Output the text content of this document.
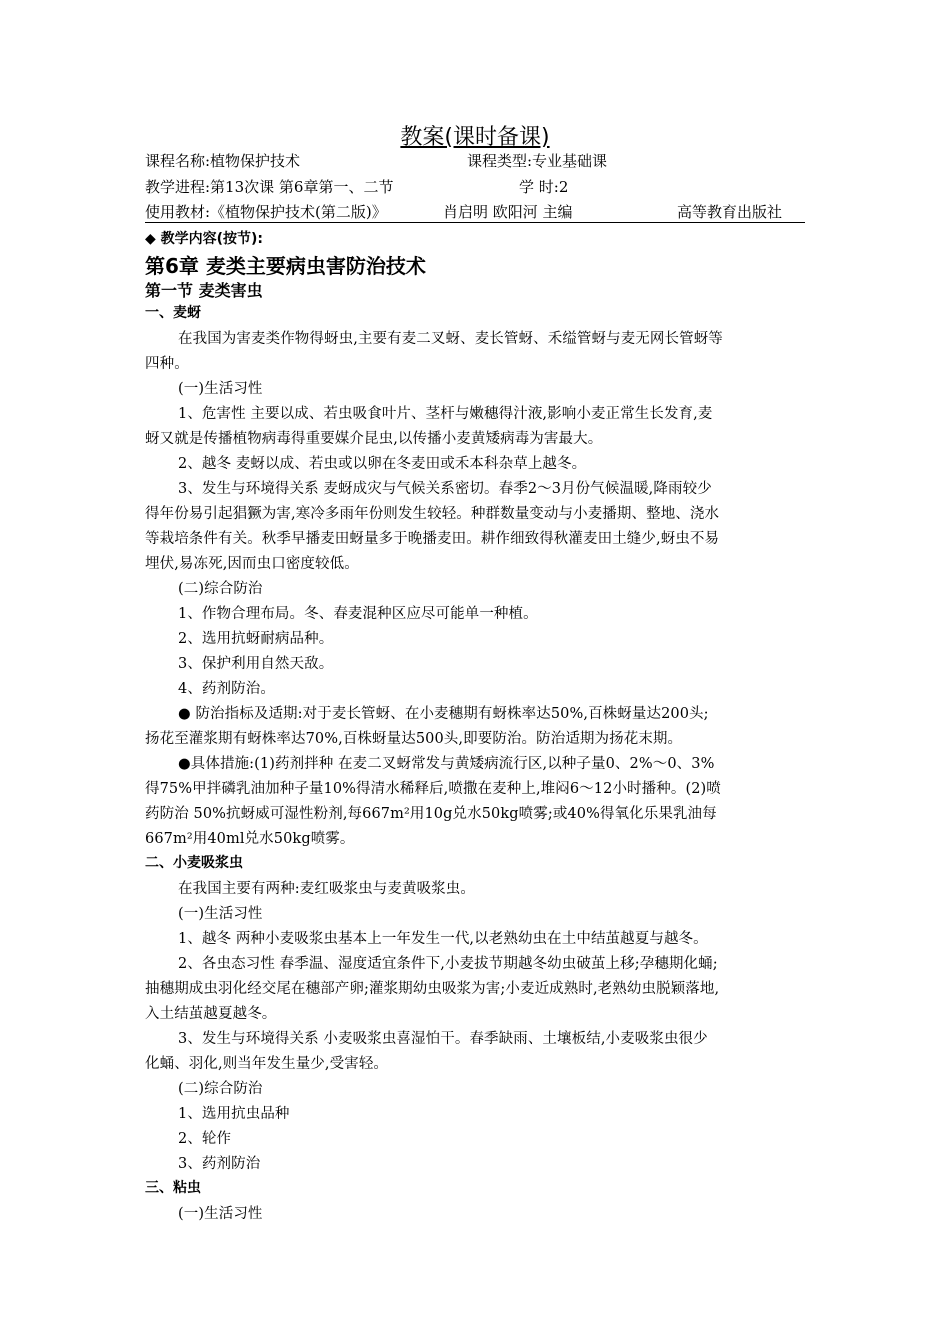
教案(课时备课)
课程名称:植物保护技术	课程类型:专业基础课
教学进程:第13次课 第6章第一、二节	学 时:2
使用教材:《植物保护技术(第二版)》	肖启明 欧阳河 主编	高等教育出版社
◆ 教学内容(按节):
第6章 麦类主要病虫害防治技术
第一节 麦类害虫
一、麦蚜
在我国为害麦类作物得蚜虫,主要有麦二叉蚜、麦长管蚜、禾缢管蚜与麦无网长管蚜等
四种。
(一)生活习性
1、危害性 主要以成、若虫吸食叶片、茎杆与嫩穗得汁液,影响小麦正常生长发育,麦
蚜又就是传播植物病毒得重要媒介昆虫,以传播小麦黄矮病毒为害最大。
2、越冬 麦蚜以成、若虫或以卵在冬麦田或禾本科杂草上越冬。
3、发生与环境得关系 麦蚜成灾与气候关系密切。春季2～3月份气候温暖,降雨较少
得年份易引起猖獗为害,寒冷多雨年份则发生较轻。种群数量变动与小麦播期、整地、浇水
等栽培条件有关。秋季早播麦田蚜量多于晚播麦田。耕作细致得秋灌麦田土缝少,蚜虫不易
埋伏,易冻死,因而虫口密度较低。
(二)综合防治
1、作物合理布局。冬、春麦混种区应尽可能单一种植。
2、选用抗蚜耐病品种。
3、保护利用自然天敌。
4、药剂防治。
● 防治指标及适期:对于麦长管蚜、在小麦穗期有蚜株率达50%,百株蚜量达200头;
扬花至灌浆期有蚜株率达70%,百株蚜量达500头,即要防治。防治适期为扬花末期。
●具体措施:(1)药剂拌种 在麦二叉蚜常发与黄矮病流行区,以种子量0、2%～0、3%
得75%甲拌磷乳油加种子量10%得清水稀释后,喷撒在麦种上,堆闷6～12小时播种。(2)喷
药防治 50%抗蚜威可湿性粉剂,每667m²用10g兑水50kg喷雾;或40%得氧化乐果乳油每
667m²用40ml兑水50kg喷雾。
二、小麦吸浆虫
在我国主要有两种:麦红吸浆虫与麦黄吸浆虫。
(一)生活习性
1、越冬 两种小麦吸浆虫基本上一年发生一代,以老熟幼虫在土中结茧越夏与越冬。
2、各虫态习性 春季温、湿度适宜条件下,小麦拔节期越冬幼虫破茧上移;孕穗期化蛹;
抽穗期成虫羽化经交尾在穗部产卵;灌浆期幼虫吸浆为害;小麦近成熟时,老熟幼虫脱颖落地,
入土结茧越夏越冬。
3、发生与环境得关系 小麦吸浆虫喜湿怕干。春季缺雨、土壤板结,小麦吸浆虫很少
化蛹、羽化,则当年发生量少,受害轻。
(二)综合防治
1、选用抗虫品种
2、轮作
3、药剂防治
三、粘虫
(一)生活习性
